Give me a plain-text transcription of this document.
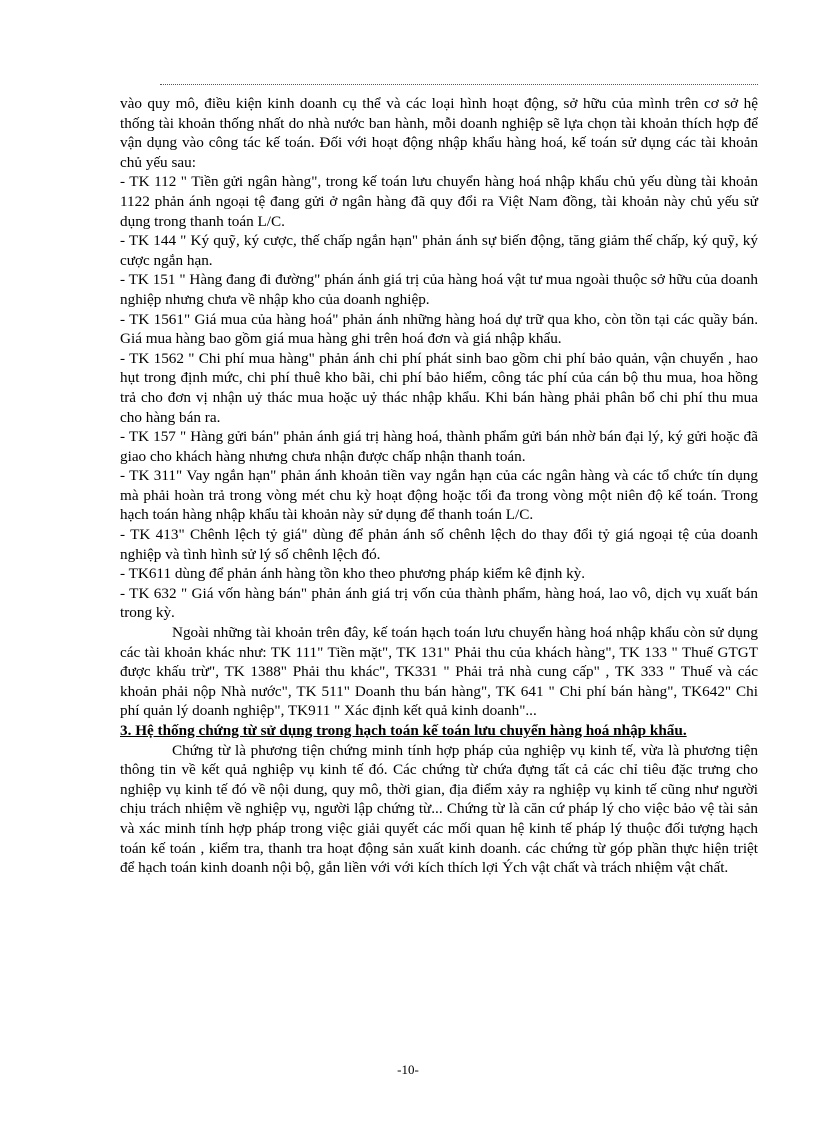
vào quy mô, điều kiện kinh doanh cụ thể và các loại hình hoạt động, sở hữu của mình trên cơ sở hệ thống tài khoản thống nhất do nhà nước ban hành, mỗi doanh nghiệp sẽ lựa chọn tài khoản thích hợp để vận dụng vào công tác kế toán. Đối với hoạt động nhập khẩu hàng hoá, kế toán sử dụng các tài khoản chủ yếu sau:

- TK 112 " Tiền gửi ngân hàng", trong kế toán lưu chuyển hàng hoá nhập khẩu chủ yếu dùng tài khoản 1122 phản ánh ngoại tệ đang gửi ở ngân hàng đã quy đổi ra Việt Nam đồng, tài khoản này chủ yếu sử dụng trong thanh toán L/C.

- TK 144 " Ký quỹ, ký cược, thế chấp ngắn hạn" phản ánh sự biến động, tăng giảm thế chấp, ký quỹ, ký cược ngắn hạn.

- TK 151 " Hàng đang đi đường" phán ánh giá trị của hàng hoá vật tư mua ngoài thuộc sở hữu của doanh nghiệp nhưng chưa về nhập kho của doanh nghiệp.

- TK 1561" Giá mua của hàng hoá" phản ánh những hàng hoá dự trữ qua kho, còn tồn tại các quầy bán. Giá mua hàng bao gồm giá mua hàng ghi trên hoá đơn và giá nhập khẩu.

- TK 1562 " Chi phí mua hàng" phản ánh chi phí phát sinh bao gồm chi phí bảo quản, vận chuyển , hao hụt trong định mức, chi phí thuê kho bãi, chi phí bảo hiểm, công tác phí của cán bộ thu mua, hoa hồng trả cho đơn vị nhận uỷ thác mua hoặc uỷ thác nhập khẩu. Khi bán hàng phải phân bổ chi phí thu mua cho hàng bán ra.

- TK 157 " Hàng gửi bán" phản ánh giá trị hàng hoá, thành phẩm gửi bán nhờ bán đại lý, ký gửi hoặc đã giao cho khách hàng nhưng chưa nhận được chấp nhận thanh toán.

- TK 311" Vay ngắn hạn" phản ánh khoản tiền vay ngắn hạn của các ngân hàng và các tổ chức tín dụng mà phải hoàn trả trong vòng mét chu kỳ hoạt động hoặc tối đa trong vòng một niên độ kế toán. Trong hạch toán hàng nhập khẩu tài khoản này sử dụng để thanh toán L/C.

- TK 413" Chênh lệch tỷ giá" dùng để phản ánh số chênh lệch do thay đổi tỷ giá ngoại tệ của doanh nghiệp và tình hình sử lý số chênh lệch đó.

- TK611 dùng để phản ánh hàng tồn kho theo phương pháp kiểm kê định kỳ.

- TK 632 " Giá vốn hàng bán" phản ánh giá trị vốn của thành phẩm, hàng hoá, lao vô, dịch vụ xuất bán trong kỳ.

Ngoài những tài khoản trên đây, kế toán hạch toán lưu chuyển hàng hoá nhập khẩu còn sử dụng các tài khoản khác như: TK 111" Tiền mặt", TK 131" Phải thu của khách hàng", TK 133 " Thuế GTGT được khấu trừ", TK 1388" Phải thu khác", TK331 " Phải trả nhà cung cấp" , TK 333 " Thuế và các khoản phải nộp Nhà nước", TK 511" Doanh thu bán hàng", TK 641 " Chi phí bán hàng", TK642" Chi phí quản lý doanh nghiệp", TK911 " Xác định kết quả kinh doanh"...

3. Hệ thống chứng từ sử dụng trong hạch toán kế toán lưu chuyển hàng hoá nhập khẩu.

Chứng từ là phương tiện chứng minh tính hợp pháp của nghiệp vụ kinh tế, vừa là phương tiện thông tin về kết quả nghiệp vụ kinh tế đó. Các chứng từ chứa đựng tất cả các chỉ tiêu đặc trưng cho nghiệp vụ kinh tế đó về nội dung, quy mô, thời gian, địa điểm xảy ra nghiệp vụ kinh tế cũng như người chịu trách nhiệm về nghiệp vụ, người lập chứng từ... Chứng từ là căn cứ pháp lý cho việc bảo vệ tài sản và xác minh tính hợp pháp trong việc giải quyết các mối quan hệ kinh tế pháp lý thuộc đối tượng hạch toán kế toán , kiểm tra, thanh tra hoạt động sản xuất kinh doanh. các chứng từ góp phần thực hiện triệt để hạch toán kinh doanh nội bộ, gắn liền với với kích thích lợi Ých vật chất và trách nhiệm vật chất.

-10-
